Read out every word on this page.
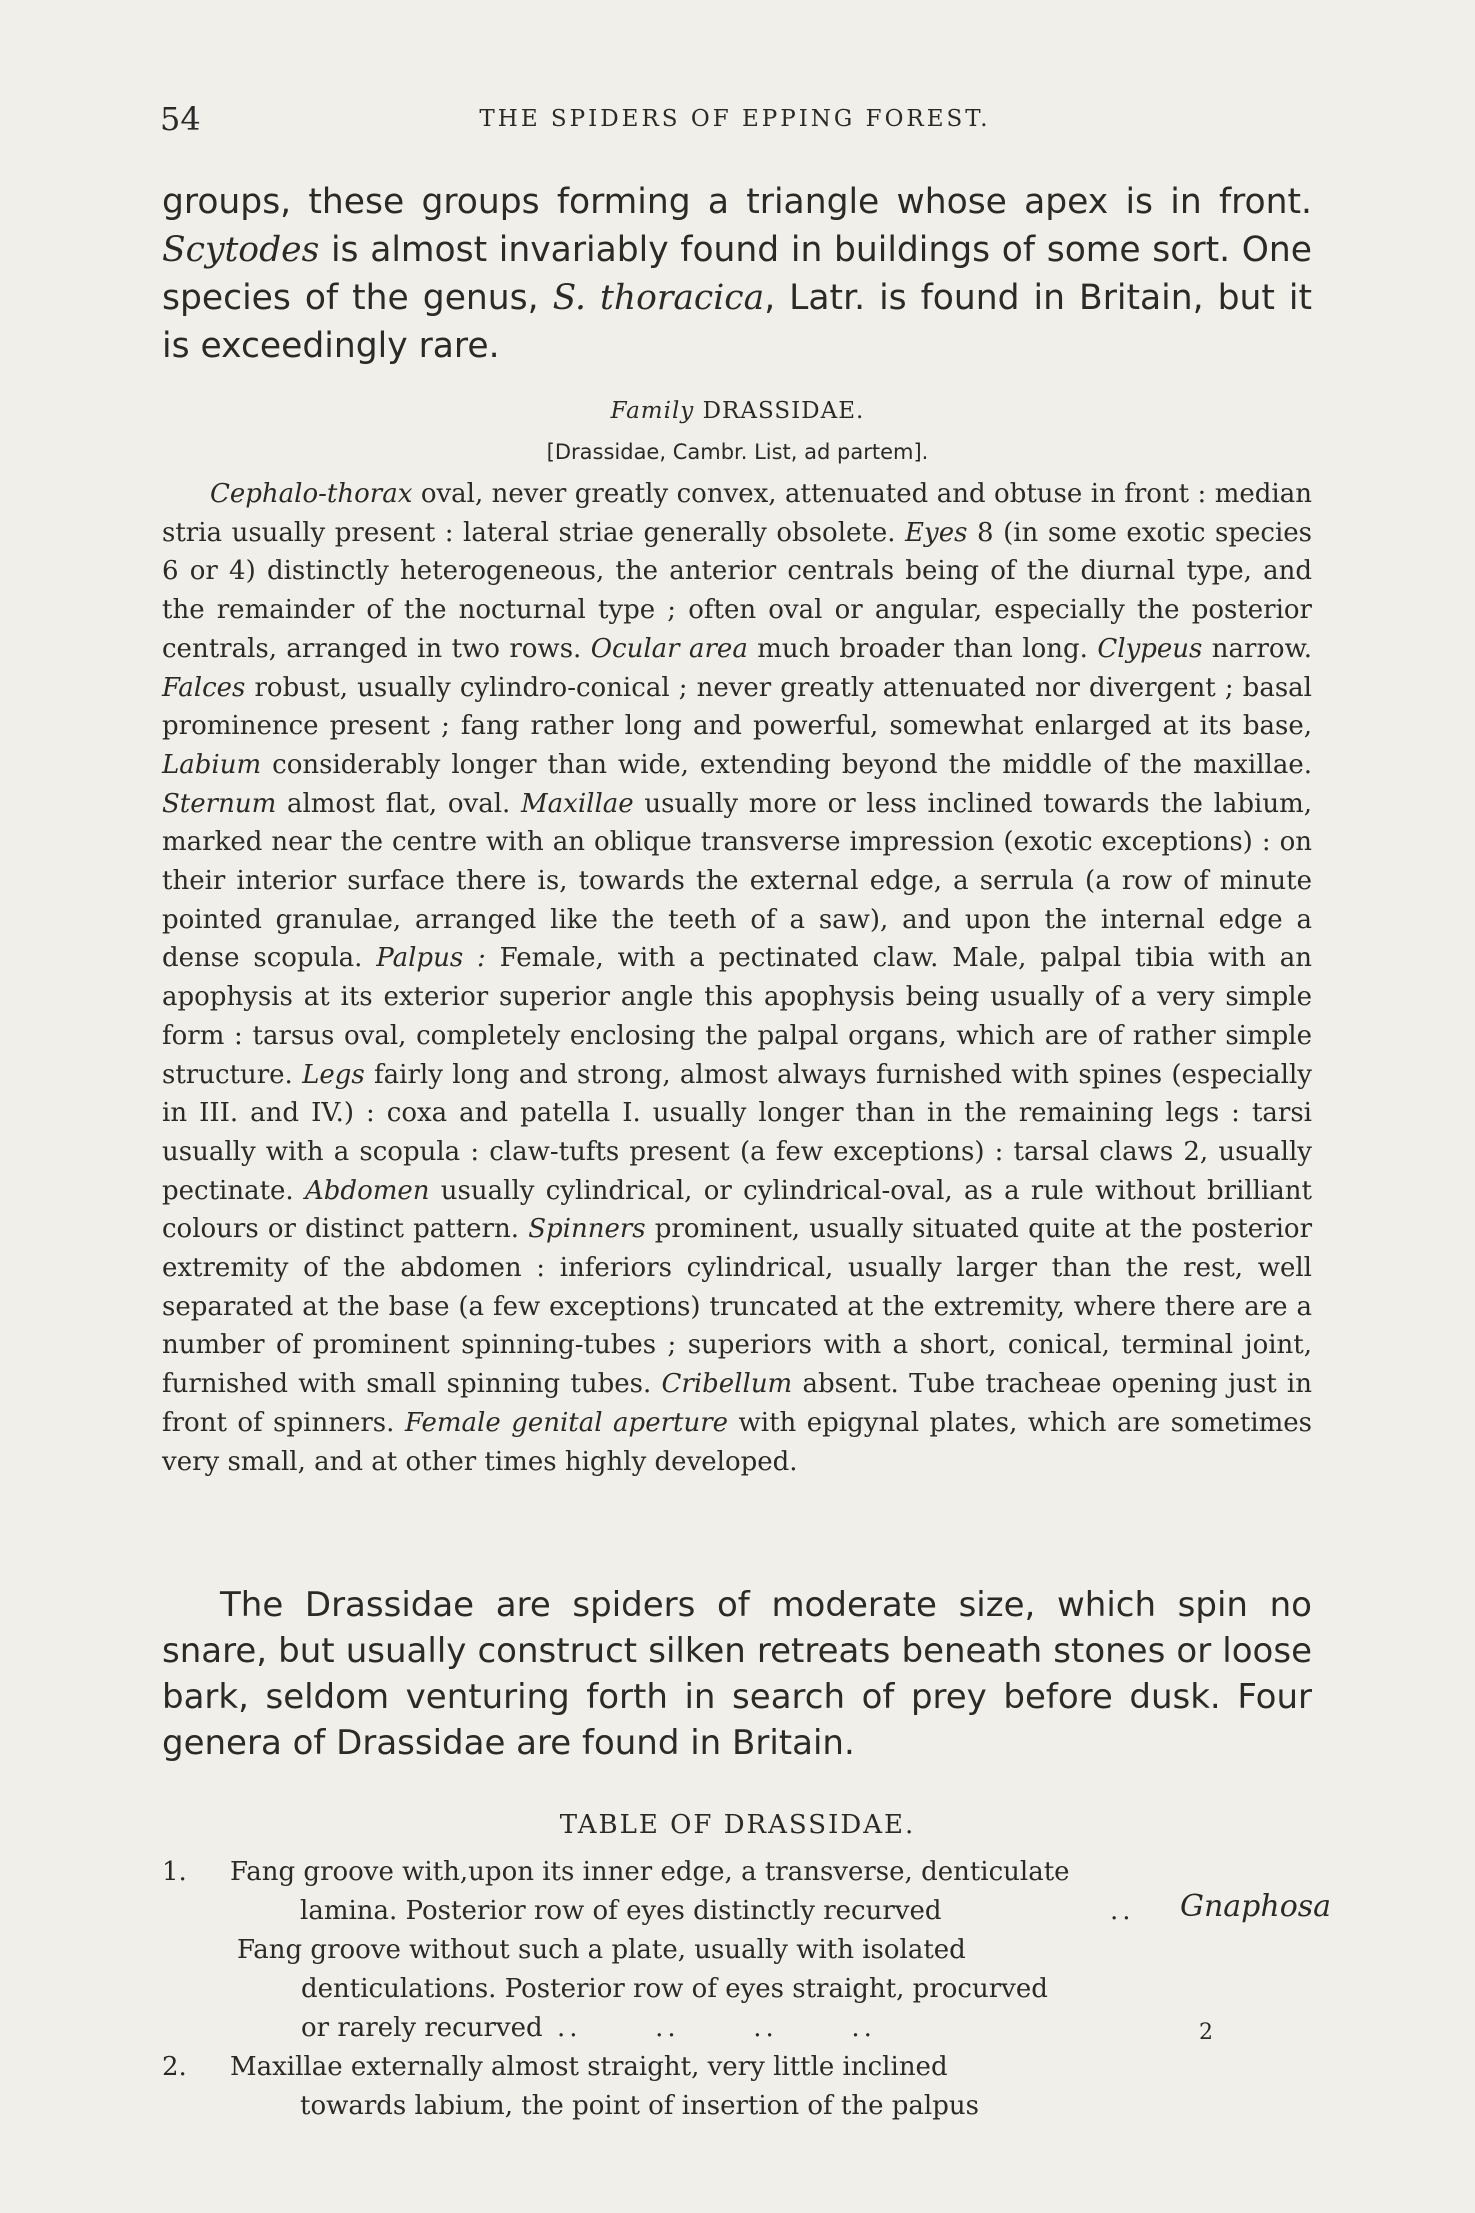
54	THE SPIDERS OF EPPING FOREST.

groups, these groups forming a triangle whose apex is in front. Scytodes is almost invariably found in buildings of some sort. One species of the genus, S. thoracica, Latr. is found in Britain, but it is exceedingly rare.

Family DRASSIDAE.
[Drassidae, Cambr. List, ad partem].

Cephalo-thorax oval, never greatly convex, attenuated and obtuse in front : median stria usually present : lateral striae generally obsolete. Eyes 8 (in some exotic species 6 or 4) distinctly heterogeneous, the anterior centrals being of the diurnal type, and the remainder of the nocturnal type ; often oval or angular, especially the posterior centrals, arranged in two rows. Ocular area much broader than long. Clypeus narrow. Falces robust, usually cylindro-conical ; never greatly attenuated nor divergent ; basal prominence present ; fang rather long and powerful, somewhat enlarged at its base, Labium considerably longer than wide, extending beyond the middle of the maxillae. Sternum almost flat, oval. Maxillae usually more or less inclined towards the labium, marked near the centre with an oblique transverse impression (exotic exceptions) : on their interior surface there is, towards the external edge, a serrula (a row of minute pointed granulae, arranged like the teeth of a saw), and upon the internal edge a dense scopula. Palpus : Female, with a pectinated claw. Male, palpal tibia with an apophysis at its exterior superior angle this apophysis being usually of a very simple form : tarsus oval, completely enclosing the palpal organs, which are of rather simple structure. Legs fairly long and strong, almost always furnished with spines (especially in III. and IV.) : coxa and patella I. usually longer than in the remaining legs : tarsi usually with a scopula : claw-tufts present (a few exceptions) : tarsal claws 2, usually pectinate. Abdomen usually cylindrical, or cylindrical-oval, as a rule without brilliant colours or distinct pattern. Spinners prominent, usually situated quite at the posterior extremity of the abdomen : inferiors cylindrical, usually larger than the rest, well separated at the base (a few exceptions) truncated at the extremity, where there are a number of prominent spinning-tubes ; superiors with a short, conical, terminal joint, furnished with small spinning tubes. Cribellum absent. Tube tracheae opening just in front of spinners. Female genital aperture with epigynal plates, which are sometimes very small, and at other times highly developed.

The Drassidae are spiders of moderate size, which spin no snare, but usually construct silken retreats beneath stones or loose bark, seldom venturing forth in search of prey before dusk. Four genera of Drassidae are found in Britain.

TABLE OF DRASSIDAE.
1. Fang groove with,upon its inner edge, a transverse, denticulate
lamina. Posterior row of eyes distinctly recurved	.. Gnaphosa
Fang groove without such a plate, usually with isolated
denticulations. Posterior row of eyes straight, procurved
or rarely recurved ..      ..      ..      ..	2
2. Maxillae externally almost straight, very little inclined
towards labium, the point of insertion of the palpus
